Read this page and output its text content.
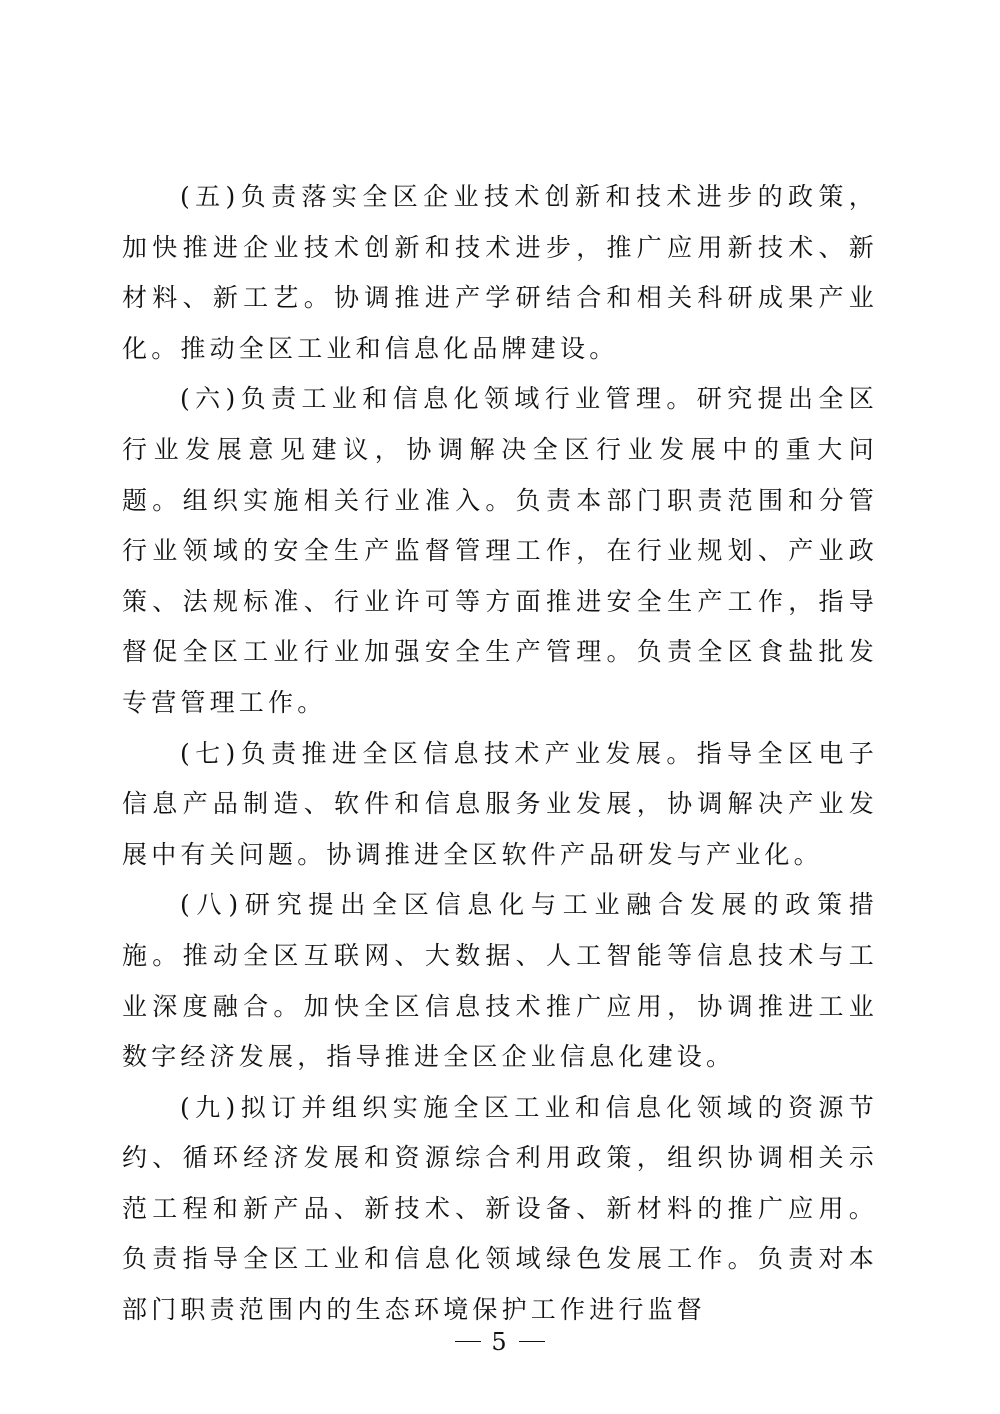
(五)负责落实全区企业技术创新和技术进步的政策，加快推进企业技术创新和技术进步，推广应用新技术、新材料、新工艺。协调推进产学研结合和相关科研成果产业化。推动全区工业和信息化品牌建设。

(六)负责工业和信息化领域行业管理。研究提出全区行业发展意见建议，协调解决全区行业发展中的重大问题。组织实施相关行业准入。负责本部门职责范围和分管行业领域的安全生产监督管理工作，在行业规划、产业政策、法规标准、行业许可等方面推进安全生产工作，指导督促全区工业行业加强安全生产管理。负责全区食盐批发专营管理工作。

(七)负责推进全区信息技术产业发展。指导全区电子信息产品制造、软件和信息服务业发展，协调解决产业发展中有关问题。协调推进全区软件产品研发与产业化。

(八)研究提出全区信息化与工业融合发展的政策措施。推动全区互联网、大数据、人工智能等信息技术与工业深度融合。加快全区信息技术推广应用，协调推进工业数字经济发展，指导推进全区企业信息化建设。

(九)拟订并组织实施全区工业和信息化领域的资源节约、循环经济发展和资源综合利用政策，组织协调相关示范工程和新产品、新技术、新设备、新材料的推广应用。负责指导全区工业和信息化领域绿色发展工作。负责对本部门职责范围内的生态环境保护工作进行监督

5
